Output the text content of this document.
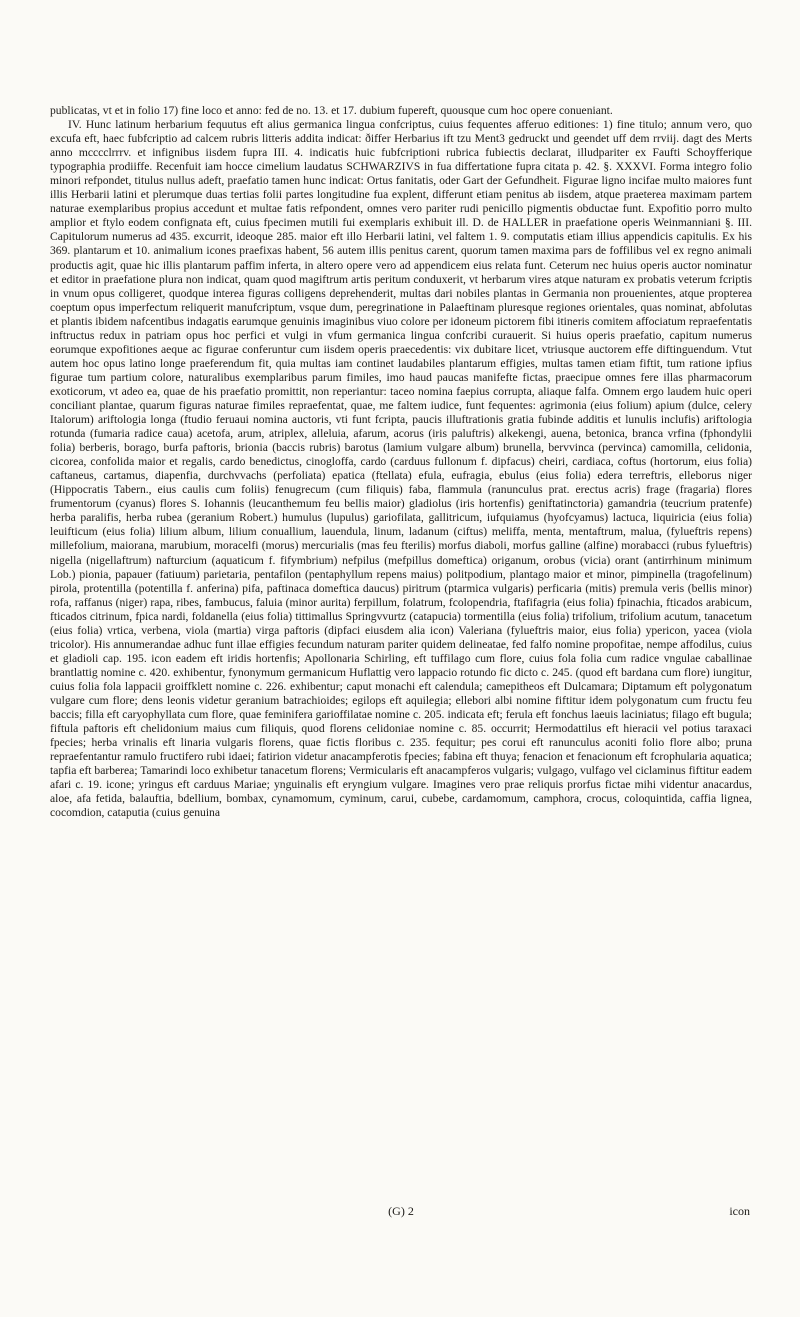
publicatas, vt et in folio 17) fine loco et anno: fed de no. 13. et 17. dubium fupereft, quousque cum hoc opere conueniant.

IV. Hunc latinum herbarium fequutus eft alius germanica lingua confcriptus, cuius fequentes afferuo editiones: 1) fine titulo; annum vero, quo excufa eft, haec fubfcriptio ad calcem rubris litteris addita indicat: ðiffer Herbarius ift tzu Ment3 gedruckt und geendet uff dem rrviij. dagt des Merts anno mcccclrrrv. et infignibus iisdem fupra III. 4. indicatis huic fubfcriptioni rubrica fubiectis declarat, illudpariter ex Faufti Schoyfferique typographia prodiiffe. Recenfuit iam hocce cimelium laudatus SCHWARZIVS in fua differtatione fupra citata p. 42. §. XXXVI. Forma integro folio minori refpondet, titulus nullus adeft, praefatio tamen hunc indicat: Ortus fanitatis, oder Gart der Gefundheit. Figurae ligno incifae multo maiores funt illis Herbarii latini et plerumque duas tertias folii partes longitudine fua explent, differunt etiam penitus ab iisdem, atque praeterea maximam partem naturae exemplaribus propius accedunt et multae fatis refpondent, omnes vero pariter rudi penicillo pigmentis obductae funt. Expofitio porro multo amplior et ftylo eodem confignata eft, cuius fpecimen mutili fui exemplaris exhibuit ill. D. de HALLER in praefatione operis Weinmanniani §. III. Capitulorum numerus ad 435. excurrit, ideoque 285. maior eft illo Herbarii latini, vel faltem 1. 9. computatis etiam illius appendicis capitulis. Ex his 369. plantarum et 10. animalium icones praefixas habent, 56 autem illis penitus carent, quorum tamen maxima pars de foffilibus vel ex regno animali productis agit, quae hic illis plantarum paffim inferta, in altero opere vero ad appendicem eius relata funt. Ceterum nec huius operis auctor nominatur et editor in praefatione plura non indicat, quam quod magiftrum artis peritum conduxerit, vt herbarum vires atque naturam ex probatis veterum fcriptis in vnum opus colligeret, quodque interea figuras colligens deprehenderit, multas dari nobiles plantas in Germania non prouenientes, atque propterea coeptum opus imperfectum reliquerit manufcriptum, vsque dum, peregrinatione in Palaeftinam pluresque regiones orientales, quas nominat, abfolutas et plantis ibidem nafcentibus indagatis earumque genuinis imaginibus viuo colore per idoneum pictorem fibi itineris comitem affociatum repraefentatis inftructus redux in patriam opus hoc perfici et vulgi in vfum germanica lingua confcribi curauerit. Si huius operis praefatio, capitum numerus eorumque expofitiones aeque ac figurae conferuntur cum iisdem operis praecedentis: vix dubitare licet, vtriusque auctorem effe diftinguendum. Vtut autem hoc opus latino longe praeferendum fit, quia multas iam continet laudabiles plantarum effigies, multas tamen etiam fiftit, tum ratione ipfius figurae tum partium colore, naturalibus exemplaribus parum fimiles, imo haud paucas manifefte fictas, praecipue omnes fere illas pharmacorum exoticorum, vt adeo ea, quae de his praefatio promittit, non reperiantur: taceo nomina faepius corrupta, aliaque falfa. Omnem ergo laudem huic operi conciliant plantae, quarum figuras naturae fimiles repraefentat, quae, me faltem iudice, funt fequentes: agrimonia (eius folium) apium (dulce, celery Italorum) ariftologia longa (ftudio feruaui nomina auctoris, vti funt fcripta, paucis illuftrationis gratia fubinde additis et lunulis inclufis) ariftologia rotunda (fumaria radice caua) acetofa, arum, atriplex, alleluia, afarum, acorus (iris paluftris) alkekengi, auena, betonica, branca vrfina (fphondylii folia) berberis, borago, burfa paftoris, brionia (baccis rubris) barotus (lamium vulgare album) brunella, bervvinca (pervinca) camomilla, celidonia, cicorea, confolida maior et regalis, cardo benedictus, cinogloffa, cardo (carduus fullonum f. dipfacus) cheiri, cardiaca, coftus (hortorum, eius folia) caftaneus, cartamus, diapenfia, durchvvachs (perfoliata) epatica (ftellata) efula, eufragia, ebulus (eius folia) edera terreftris, elleborus niger (Hippocratis Tabern., eius caulis cum foliis) fenugrecum (cum filiquis) faba, flammula (ranunculus prat. erectus acris) frage (fragaria) flores frumentorum (cyanus) flores S. Iohannis (leucanthemum feu bellis maior) gladiolus (iris hortenfis) geniftatinctoria) gamandria (teucrium pratenfe) herba paralifis, herba rubea (geranium Robert.) humulus (lupulus) gariofilata, gallitricum, iufquiamus (hyofcyamus) lactuca, liquiricia (eius folia) leuifticum (eius folia) lilium album, lilium conuallium, lauendula, linum, ladanum (ciftus) meliffa, menta, mentaftrum, malua, (fylueftris repens) millefolium, maiorana, marubium, moracelfi (morus) mercurialis (mas feu fterilis) morfus diaboli, morfus galline (alfine) morabacci (rubus fylueftris) nigella (nigellaftrum) nafturcium (aquaticum f. fifymbrium) nefpilus (mefpillus domeftica) origanum, orobus (vicia) orant (antirrhinum minimum Lob.) pionia, papauer (fatiuum) parietaria, pentafilon (pentaphyllum repens maius) politpodium, plantago maior et minor, pimpinella (tragofelinum) pirola, protentilla (potentilla f. anferina) pifa, paftinaca domeftica daucus) piritrum (ptarmica vulgaris) perficaria (mitis) premula veris (bellis minor) rofa, raffanus (niger) rapa, ribes, fambucus, faluia (minor aurita) ferpillum, folatrum, fcolopendria, ftafifagria (eius folia) fpinachia, fticados arabicum, fticados citrinum, fpica nardi, foldanella (eius folia) tittimallus Springvvurtz (catapucia) tormentilla (eius folia) trifolium, trifolium acutum, tanacetum (eius folia) vrtica, verbena, viola (martia) virga paftoris (dipfaci eiusdem alia icon) Valeriana (fylueftris maior, eius folia) ypericon, yacea (viola tricolor). His annumerandae adhuc funt illae effigies fecundum naturam pariter quidem delineatae, fed falfo nomine propofitae, nempe affodilus, cuius et gladioli cap. 195. icon eadem eft iridis hortenfis; Apollonaria Schirling, eft tuffilago cum flore, cuius fola folia cum radice vngulae caballinae brantlattig nomine c. 420. exhibentur, fynonymum germanicum Huflattig vero lappacio rotundo fic dicto c. 245. (quod eft bardana cum flore) iungitur, cuius folia fola lappacii groiffklett nomine c. 226. exhibentur; caput monachi eft calendula; camepitheos eft Dulcamara; Diptamum eft polygonatum vulgare cum flore; dens leonis videtur geranium batrachioides; egilops eft aquilegia; ellebori albi nomine fiftitur idem polygonatum cum fructu feu baccis; filla eft caryophyllata cum flore, quae feminifera garioffilatae nomine c. 205. indicata eft; ferula eft fonchus laeuis laciniatus; filago eft bugula; fiftula paftoris eft chelidonium maius cum filiquis, quod florens celidoniae nomine c. 85. occurrit; Hermodattilus eft hieracii vel potius taraxaci fpecies; herba vrinalis eft linaria vulgaris florens, quae fictis floribus c. 235. fequitur; pes corui eft ranunculus aconiti folio flore albo; pruna repraefentantur ramulo fructifero rubi idaei; fatirion videtur anacampferotis fpecies; fabina eft thuya; fenacion et fenacionum eft fcrophularia aquatica; tapfia eft barberea; Tamarindi loco exhibetur tanacetum florens; Vermicularis eft anacampferos vulgaris; vulgago, vulfago vel ciclaminus fiftitur eadem afari c. 19. icone; yringus eft carduus Mariae; ynguinalis eft eryngium vulgare. Imagines vero prae reliquis prorfus fictae mihi videntur anacardus, aloe, afa fetida, balauftia, bdellium, bombax, cynamomum, cyminum, carui, cubebe, cardamomum, camphora, crocus, coloquintida, caffia lignea, cocomdion, cataputia (cuius genuina

(G) 2	icon
